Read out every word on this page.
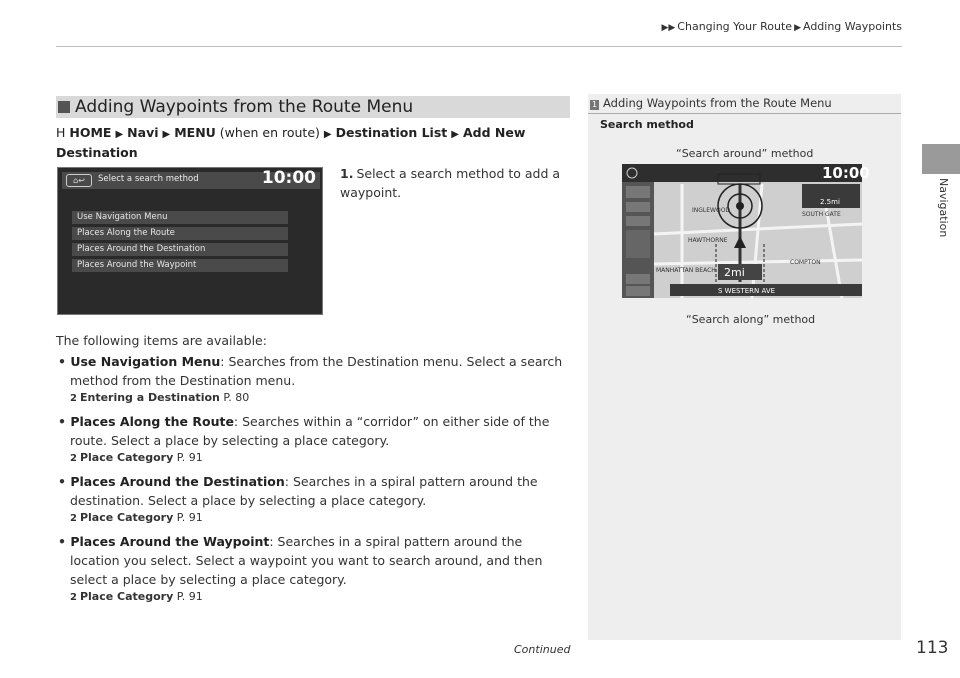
▶▶ Changing Your Route ▶ Adding Waypoints
Navigation
Adding Waypoints from the Route Menu
H HOME ▶ Navi ▶ MENU (when en route) ▶ Destination List ▶ Add New Destination
⌂↩	Select a search method	10:00
Use Navigation Menu
Places Along the Route
Places Around the Destination
Places Around the Waypoint
1. Select a search method to add a waypoint.
The following items are available:
• Use Navigation Menu: Searches from the Destination menu. Select a search method from the Destination menu.
2 Entering a Destination P. 80
• Places Along the Route: Searches within a “corridor” on either side of the route. Select a place by selecting a place category.
2 Place Category P. 91
• Places Around the Destination: Searches in a spiral pattern around the destination. Select a place by selecting a place category.
2 Place Category P. 91
• Places Around the Waypoint: Searches in a spiral pattern around the location you select. Select a waypoint you want to search around, and then select a place by selecting a place category.
2 Place Category P. 91
1 Adding Waypoints from the Route Menu
Search method
“Search around” method
10:00
2mi
S WESTERN AVE
INGLEWOOD
HAWTHORNE
SOUTH GATE
COMPTON
MANHATTAN BEACH
2.5mi
“Search along” method
Continued	113
